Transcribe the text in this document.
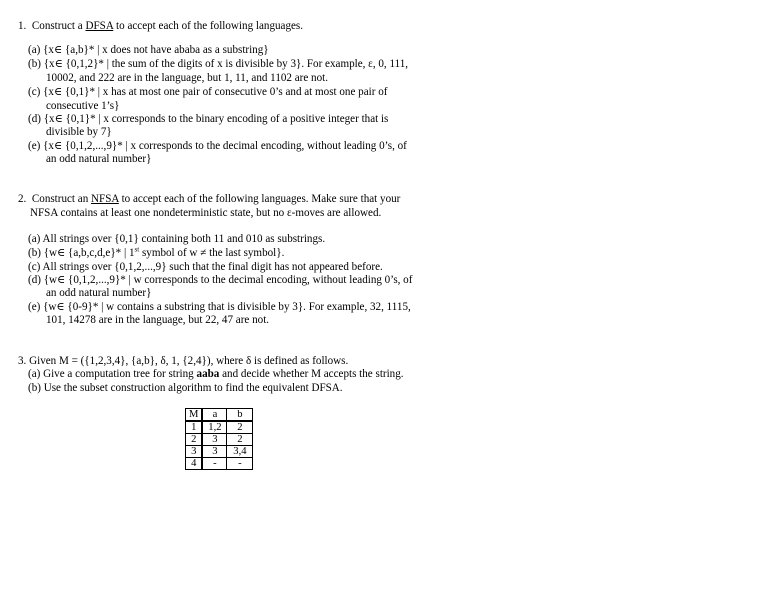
1. Construct a DFSA to accept each of the following languages.
(a) {x∈ {a,b}* | x does not have ababa as a substring}
(b) {x∈ {0,1,2}* | the sum of the digits of x is divisible by 3}. For example, ε, 0, 111,
10002, and 222 are in the language, but 1, 11, and 1102 are not.
(c) {x∈ {0,1}* | x has at most one pair of consecutive 0’s and at most one pair of
consecutive 1’s}
(d) {x∈ {0,1}* | x corresponds to the binary encoding of a positive integer that is
divisible by 7}
(e) {x∈ {0,1,2,...,9}* | x corresponds to the decimal encoding, without leading 0’s, of
an odd natural number}
2. Construct an NFSA to accept each of the following languages. Make sure that your
NFSA contains at least one nondeterministic state, but no ε-moves are allowed.
(a) All strings over {0,1} containing both 11 and 010 as substrings.
(b) {w∈ {a,b,c,d,e}* | 1st symbol of w ≠ the last symbol}.
(c) All strings over {0,1,2,...,9} such that the final digit has not appeared before.
(d) {w∈ {0,1,2,...,9}* | w corresponds to the decimal encoding, without leading 0’s, of
an odd natural number}
(e) {w∈ {0-9}* | w contains a substring that is divisible by 3}. For example, 32, 1115,
101, 14278 are in the language, but 22, 47 are not.
3. Given M = ({1,2,3,4}, {a,b}, δ, 1, {2,4}), where δ is defined as follows.
(a) Give a computation tree for string aaba and decide whether M accepts the string.
(b) Use the subset construction algorithm to find the equivalent DFSA.
M	a	b
1	1,2	2
2	3	2
3	3	3,4
4	-	-
